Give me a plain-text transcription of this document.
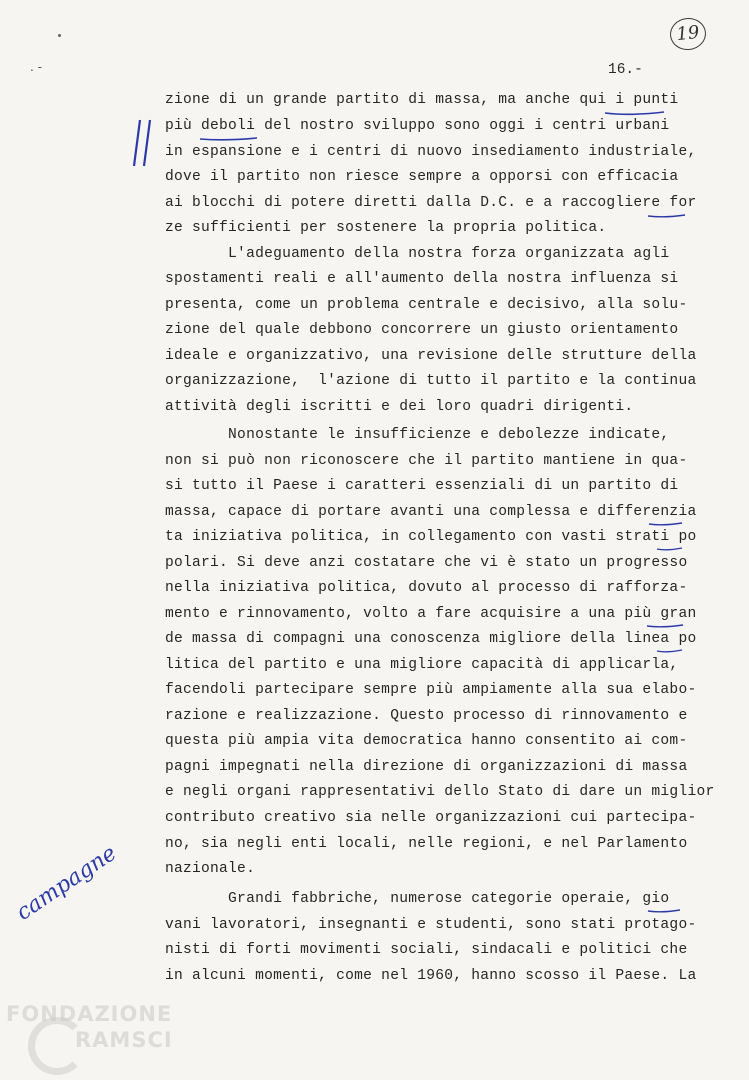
19
. -	16.-
zione di un grande partito di massa, ma anche qui i punti
più deboli del nostro sviluppo sono oggi i centri urbani
in espansione e i centri di nuovo insediamento industriale,
dove il partito non riesce sempre a opporsi con efficacia
ai blocchi di potere diretti dalla D.C. e a raccogliere for
ze sufficienti per sostenere la propria politica.
L'adeguamento della nostra forza organizzata agli
spostamenti reali e all'aumento della nostra influenza si
presenta, come un problema centrale e decisivo, alla solu-
zione del quale debbono concorrere un giusto orientamento
ideale e organizzativo, una revisione delle strutture della
organizzazione,  l'azione di tutto il partito e la continua
attività degli iscritti e dei loro quadri dirigenti.
Nonostante le insufficienze e debolezze indicate,
non si può non riconoscere che il partito mantiene in qua-
si tutto il Paese i caratteri essenziali di un partito di
massa, capace di portare avanti una complessa e differenzia
ta iniziativa politica, in collegamento con vasti strati po
polari. Si deve anzi costatare che vi è stato un progresso
nella iniziativa politica, dovuto al processo di rafforza-
mento e rinnovamento, volto a fare acquisire a una più gran
de massa di compagni una conoscenza migliore della linea po
litica del partito e una migliore capacità di applicarla,
facendoli partecipare sempre più ampiamente alla sua elabo-
razione e realizzazione. Questo processo di rinnovamento e
questa più ampia vita democratica hanno consentito ai com-
pagni impegnati nella direzione di organizzazioni di massa
e negli organi rappresentativi dello Stato di dare un miglior
contributo creativo sia nelle organizzazioni cui partecipa-
no, sia negli enti locali, nelle regioni, e nel Parlamento
nazionale.
Grandi fabbriche, numerose categorie operaie, gio
vani lavoratori, insegnanti e studenti, sono stati protago-
nisti di forti movimenti sociali, sindacali e politici che
in alcuni momenti, come nel 1960, hanno scosso il Paese. La
campagne
FONDAZIONE
RAMSCI
